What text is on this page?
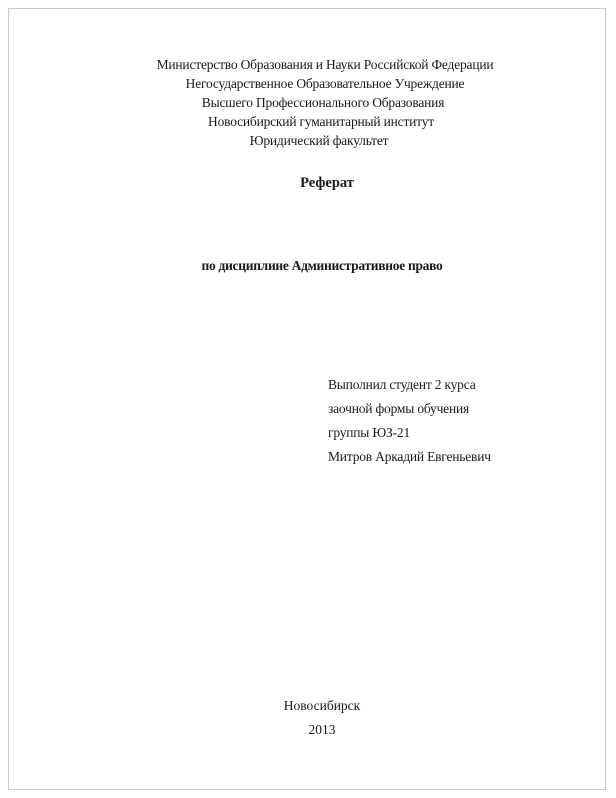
Министерство Образования и Науки Российской Федерации
Негосударственное Образовательное Учреждение
Высшего Профессионального Образования
Новосибирский гуманитарный институт
Юридический факультет
Реферат
по дисциплине Административное право
Выполнил студент 2 курса
заочной формы обучения
группы ЮЗ-21
Митров Аркадий Евгеньевич
Новосибирск
2013
